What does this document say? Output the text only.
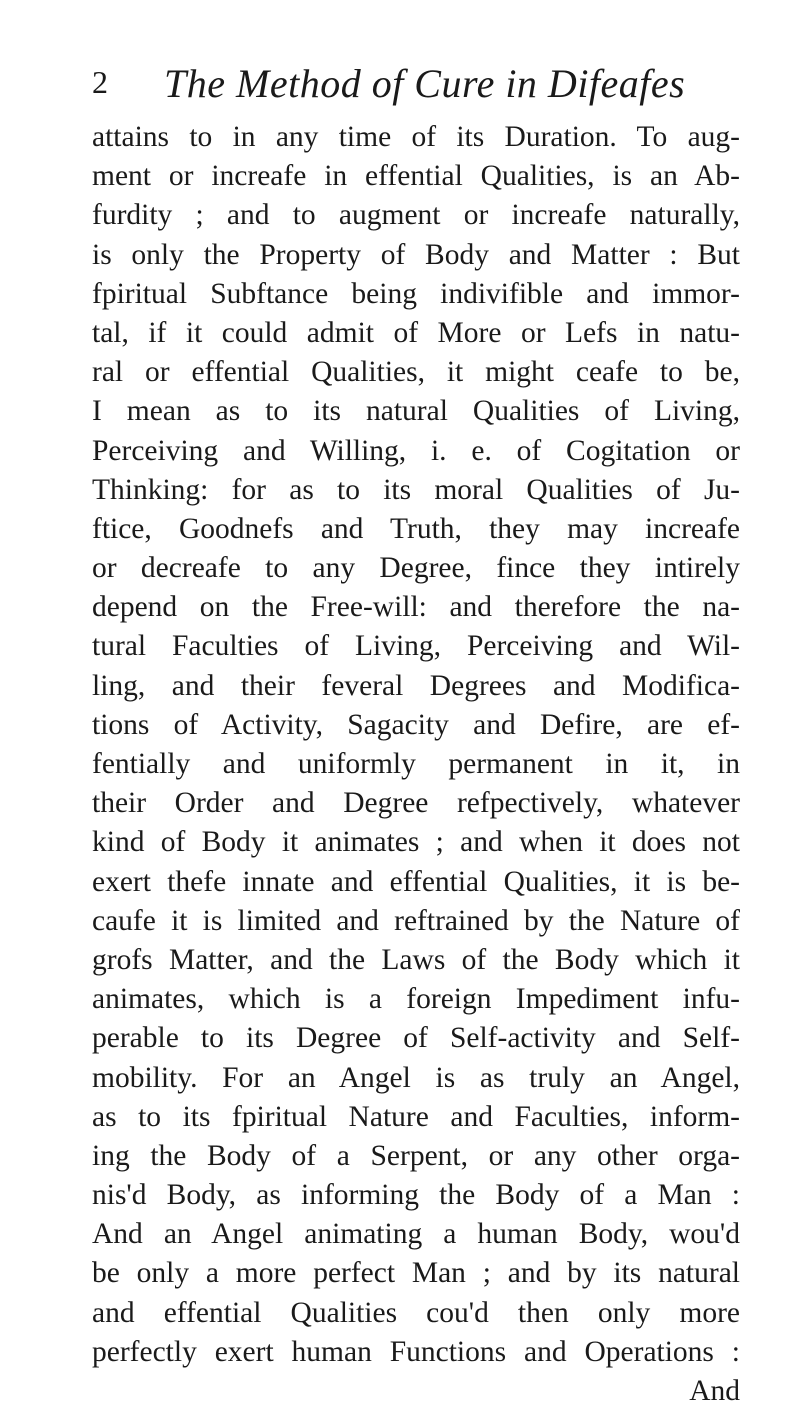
2 The Method of Cure in Difeafes
attains to in any time of its Duration. To aug-
ment or increafe in effential Qualities, is an Ab-
furdity ; and to augment or increafe naturally,
is only the Property of Body and Matter : But
fpiritual Subftance being indivifible and immor-
tal, if it could admit of More or Lefs in natu-
ral or effential Qualities, it might ceafe to be,
I mean as to its natural Qualities of Living,
Perceiving and Willing, i. e. of Cogitation or
Thinking: for as to its moral Qualities of Ju-
ftice, Goodnefs and Truth, they may increafe
or decreafe to any Degree, fince they intirely
depend on the Free-will: and therefore the na-
tural Faculties of Living, Perceiving and Wil-
ling, and their feveral Degrees and Modifica-
tions of Activity, Sagacity and Defire, are ef-
fentially and uniformly permanent in it, in
their Order and Degree refpectively, whatever
kind of Body it animates ; and when it does not
exert thefe innate and effential Qualities, it is be-
caufe it is limited and reftrained by the Nature of
grofs Matter, and the Laws of the Body which it
animates, which is a foreign Impediment infu-
perable to its Degree of Self-activity and Self-
mobility. For an Angel is as truly an Angel,
as to its fpiritual Nature and Faculties, inform-
ing the Body of a Serpent, or any other orga-
nis'd Body, as informing the Body of a Man :
And an Angel animating a human Body, wou'd
be only a more perfect Man ; and by its natural
and effential Qualities cou'd then only more
perfectly exert human Functions and Operations :
And
